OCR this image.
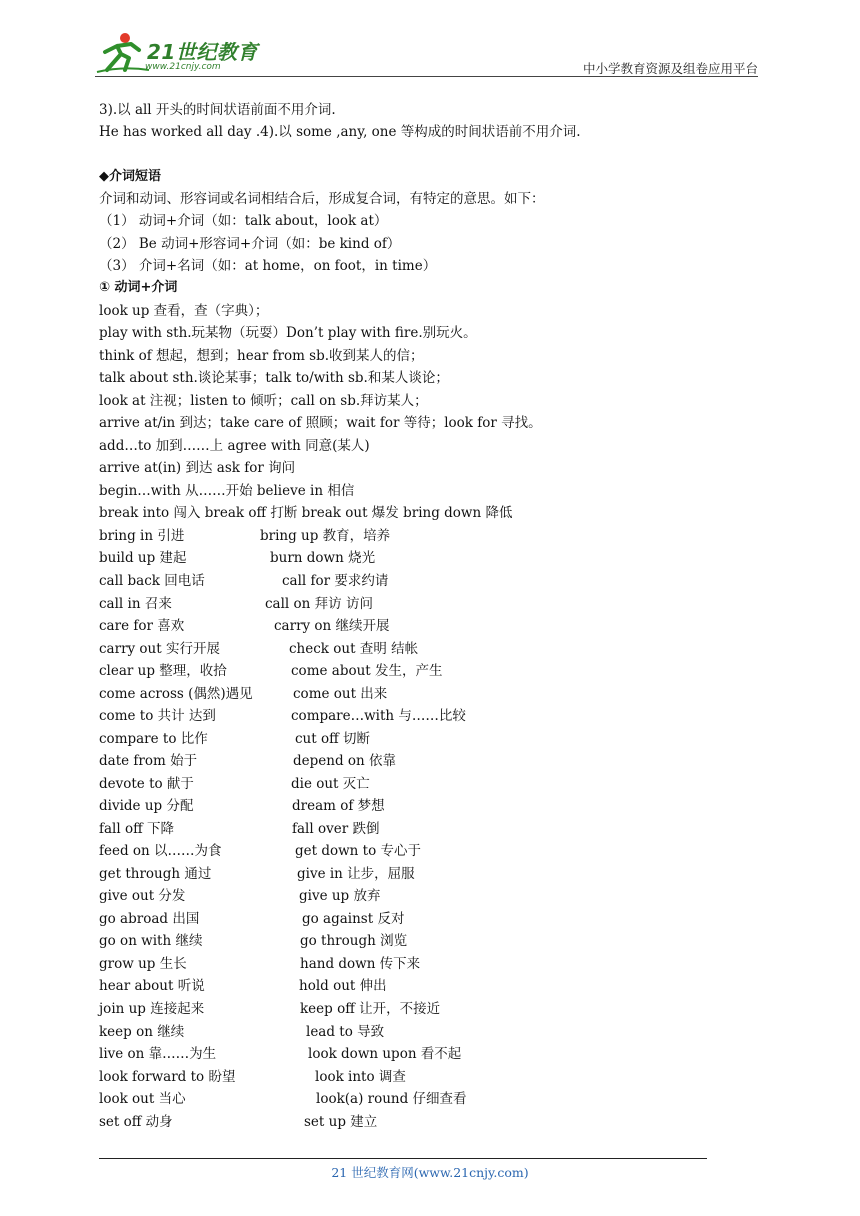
21世纪教育
www.21cnjy.com	中小学教育资源及组卷应用平台
3).以 all 开头的时间状语前面不用介词.
He has worked all day .4).以 some ,any, one 等构成的时间状语前不用介词.
◆介词短语
介词和动词、形容词或名词相结合后，形成复合词，有特定的意思。如下：
（1） 动词+介词（如：talk about，look at）
（2） Be 动词+形容词+介词（如：be kind of）
（3） 介词+名词（如：at home，on foot，in time）
① 动词+介词
look up 查看，查（字典）；
play with sth.玩某物（玩耍）Don’t play with fire.别玩火。
think of 想起，想到；hear from sb.收到某人的信；
talk about sth.谈论某事；talk to/with sb.和某人谈论；
look at 注视；listen to 倾听；call on sb.拜访某人；
arrive at/in 到达；take care of 照顾；wait for 等待；look for 寻找。
add…to 加到……上 agree with 同意(某人)
arrive at(in) 到达 ask for 询问
begin…with 从……开始 believe in 相信
break into 闯入 break off 打断 break out 爆发 bring down 降低
bring in 引进	bring up 教育，培养
build up 建起	burn down 烧光
call back 回电话	call for 要求约请
call in 召来	call on 拜访 访问
care for 喜欢	carry on 继续开展
carry out 实行开展	check out 查明 结帐
clear up 整理，收拾	come about 发生，产生
come across (偶然)遇见	come out 出来
come to 共计 达到	compare…with 与……比较
compare to 比作	cut off 切断
date from 始于	depend on 依靠
devote to 献于	die out 灭亡
divide up 分配	dream of 梦想
fall off 下降	fall over 跌倒
feed on 以……为食	get down to 专心于
get through 通过	give in 让步，屈服
give out 分发	give up 放弃
go abroad 出国	go against 反对
go on with 继续	go through 浏览
grow up 生长	hand down 传下来
hear about 听说	hold out 伸出
join up 连接起来	keep off 让开，不接近
keep on 继续	lead to 导致
live on 靠……为生	look down upon 看不起
look forward to 盼望	look into 调查
look out 当心	look(a) round 仔细查看
set off 动身	set up 建立
21 世纪教育网(www.21cnjy.com)
